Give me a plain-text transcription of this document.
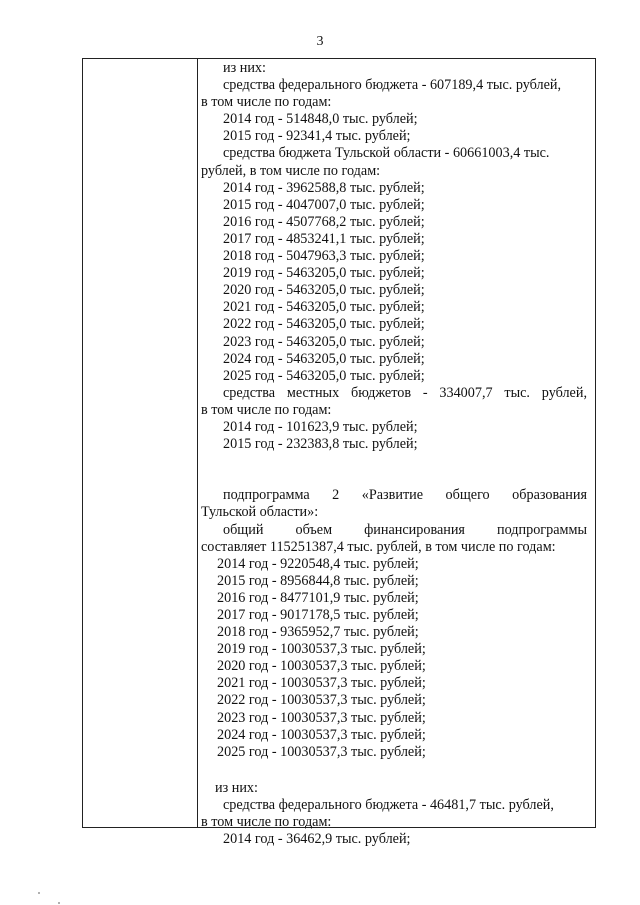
3
из них:
средства федерального бюджета - 607189,4 тыс. рублей,
в том числе по годам:
2014 год - 514848,0 тыс. рублей;
2015 год - 92341,4 тыс. рублей;
средства бюджета Тульской области - 60661003,4 тыс.
рублей, в том числе по годам:
2014 год - 3962588,8 тыс. рублей;
2015 год - 4047007,0 тыс. рублей;
2016 год - 4507768,2 тыс. рублей;
2017 год - 4853241,1 тыс. рублей;
2018 год - 5047963,3 тыс. рублей;
2019 год - 5463205,0 тыс. рублей;
2020 год - 5463205,0 тыс. рублей;
2021 год - 5463205,0 тыс. рублей;
2022 год - 5463205,0 тыс. рублей;
2023 год - 5463205,0 тыс. рублей;
2024 год - 5463205,0 тыс. рублей;
2025 год - 5463205,0 тыс. рублей;
средства местных бюджетов - 334007,7 тыс. рублей,
в том числе по годам:
2014 год - 101623,9 тыс. рублей;
2015 год - 232383,8 тыс. рублей;
подпрограмма 2 «Развитие общего образования
Тульской области»:
общий объем финансирования подпрограммы
составляет 115251387,4 тыс. рублей, в том числе по годам:
2014 год - 9220548,4 тыс. рублей;
2015 год - 8956844,8 тыс. рублей;
2016 год - 8477101,9 тыс. рублей;
2017 год - 9017178,5 тыс. рублей;
2018 год - 9365952,7 тыс. рублей;
2019 год - 10030537,3 тыс. рублей;
2020 год - 10030537,3 тыс. рублей;
2021 год - 10030537,3 тыс. рублей;
2022 год - 10030537,3 тыс. рублей;
2023 год - 10030537,3 тыс. рублей;
2024 год - 10030537,3 тыс. рублей;
2025 год - 10030537,3 тыс. рублей;
из них:
средства федерального бюджета - 46481,7 тыс. рублей,
в том числе по годам:
2014 год - 36462,9 тыс. рублей;
